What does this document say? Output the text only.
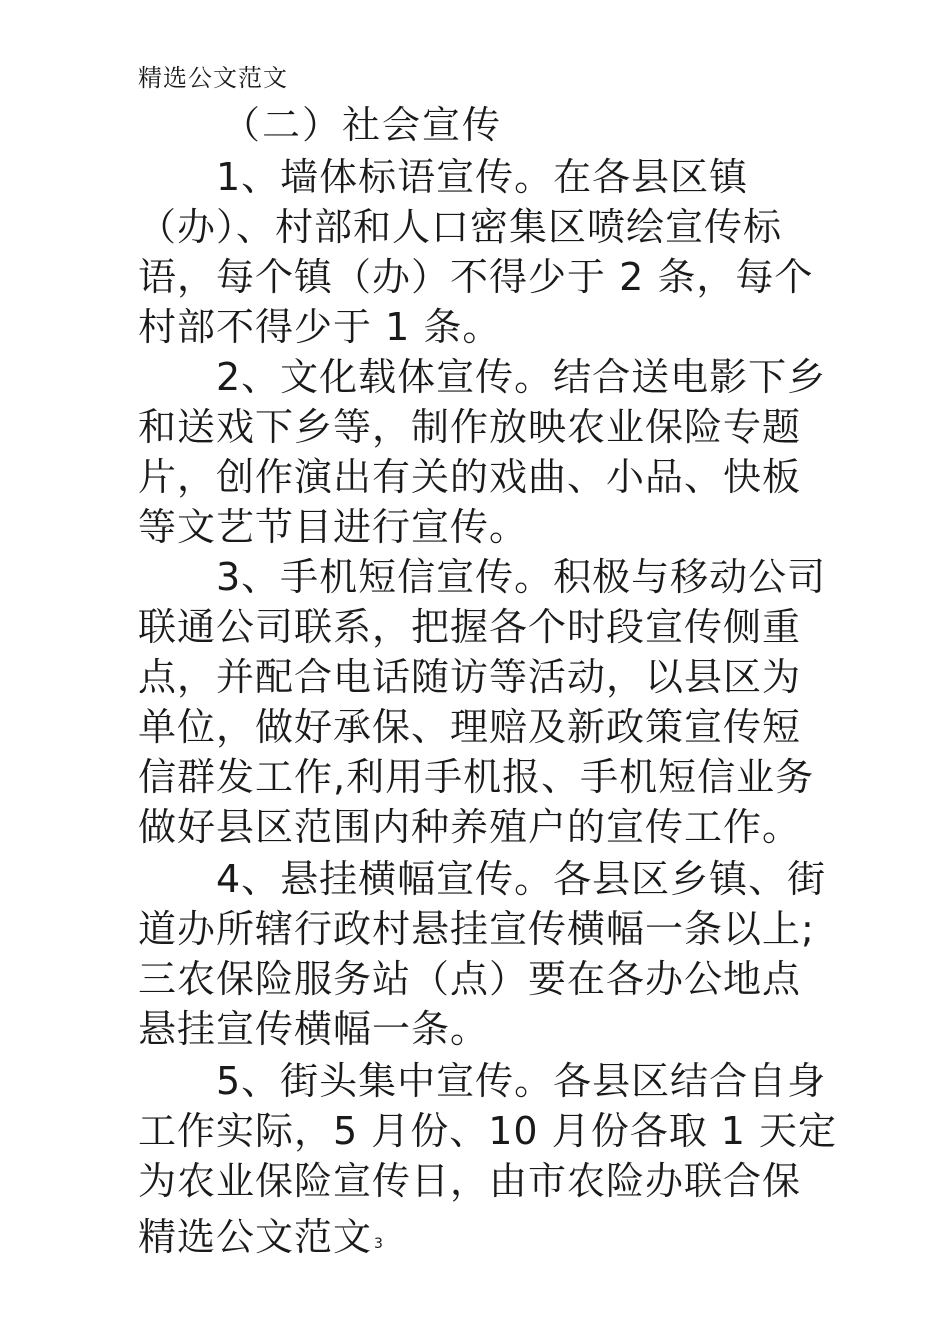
精选公文范文
（二）社会宣传
1、墙体标语宣传。在各县区镇
（办）、村部和人口密集区喷绘宣传标
语，每个镇（办）不得少于 2 条，每个
村部不得少于 1 条。
2、文化载体宣传。结合送电影下乡
和送戏下乡等，制作放映农业保险专题
片，创作演出有关的戏曲、小品、快板
等文艺节目进行宣传。
3、手机短信宣传。积极与移动公司
联通公司联系，把握各个时段宣传侧重
点，并配合电话随访等活动，以县区为
单位，做好承保、理赔及新政策宣传短
信群发工作,利用手机报、手机短信业务
做好县区范围内种养殖户的宣传工作。
4、悬挂横幅宣传。各县区乡镇、街
道办所辖行政村悬挂宣传横幅一条以上;
三农保险服务站（点）要在各办公地点
悬挂宣传横幅一条。
5、街头集中宣传。各县区结合自身
工作实际，5 月份、10 月份各取 1 天定
为农业保险宣传日，由市农险办联合保
精选公文范文 3
